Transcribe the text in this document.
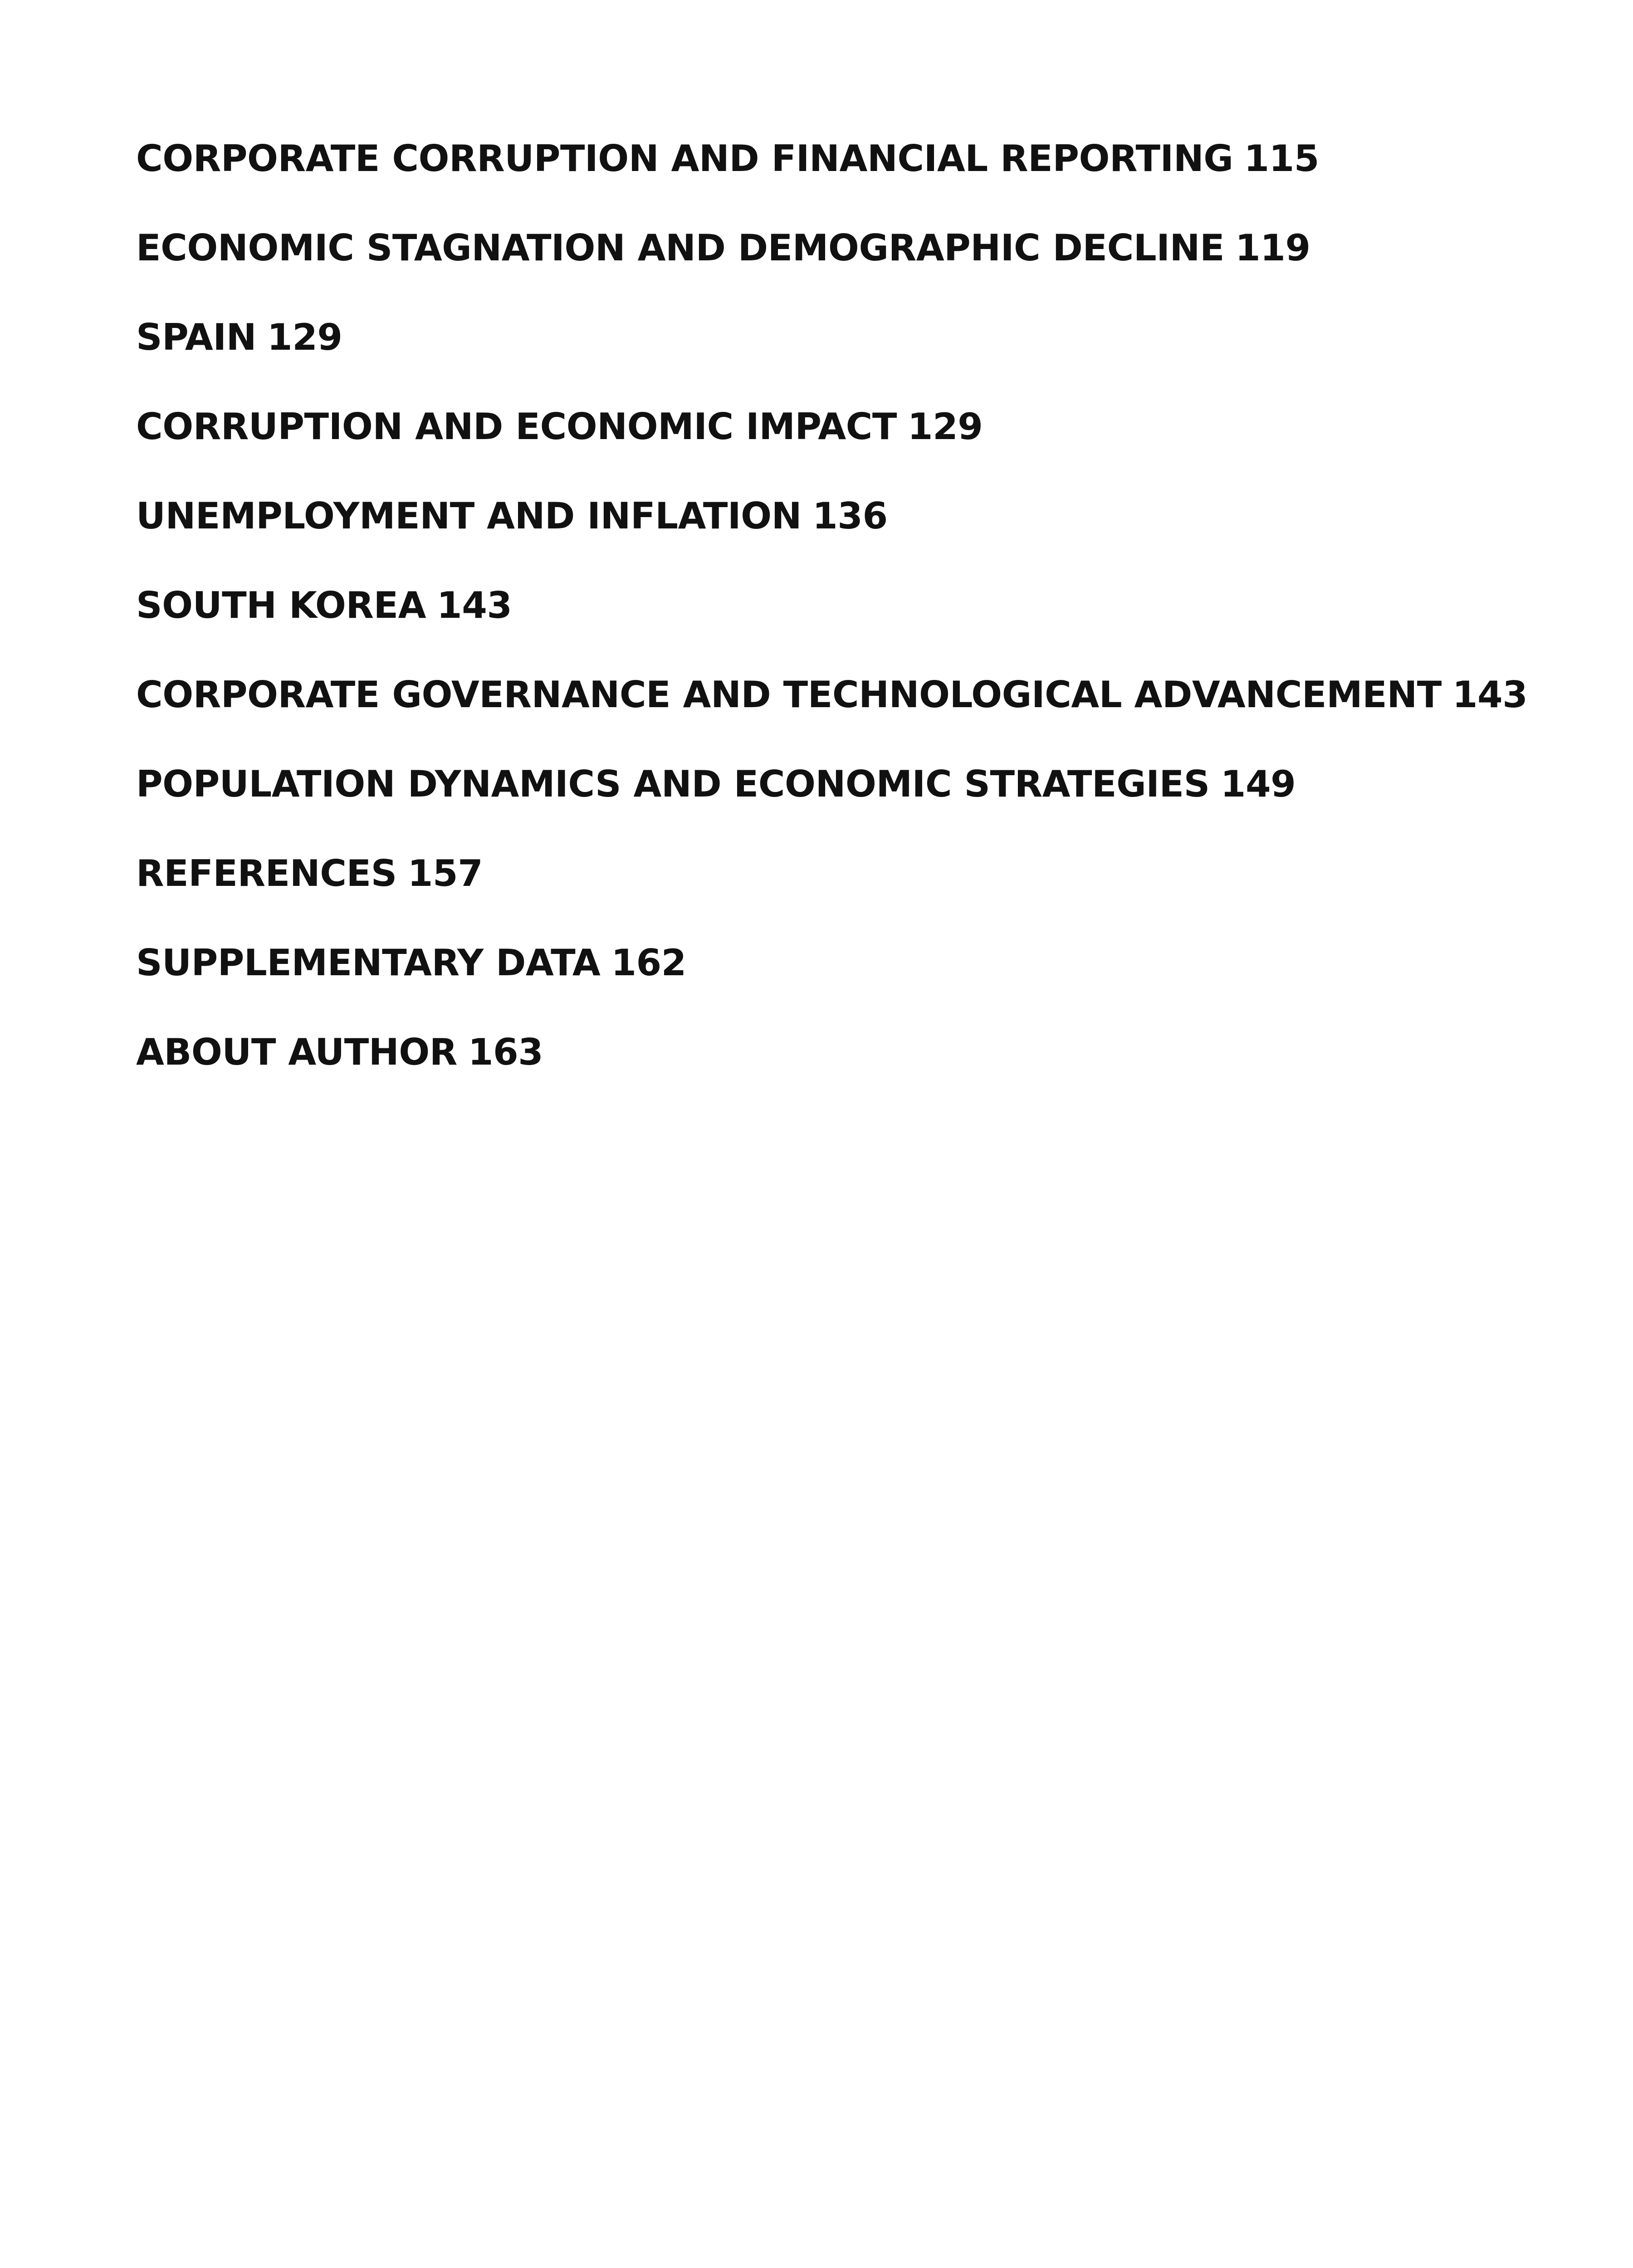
CORPORATE CORRUPTION AND FINANCIAL REPORTING 115
ECONOMIC STAGNATION AND DEMOGRAPHIC DECLINE 119
SPAIN 129
CORRUPTION AND ECONOMIC IMPACT 129
UNEMPLOYMENT AND INFLATION 136
SOUTH KOREA 143
CORPORATE GOVERNANCE AND TECHNOLOGICAL ADVANCEMENT 143
POPULATION DYNAMICS AND ECONOMIC STRATEGIES 149
REFERENCES 157
SUPPLEMENTARY DATA 162
ABOUT AUTHOR 163
